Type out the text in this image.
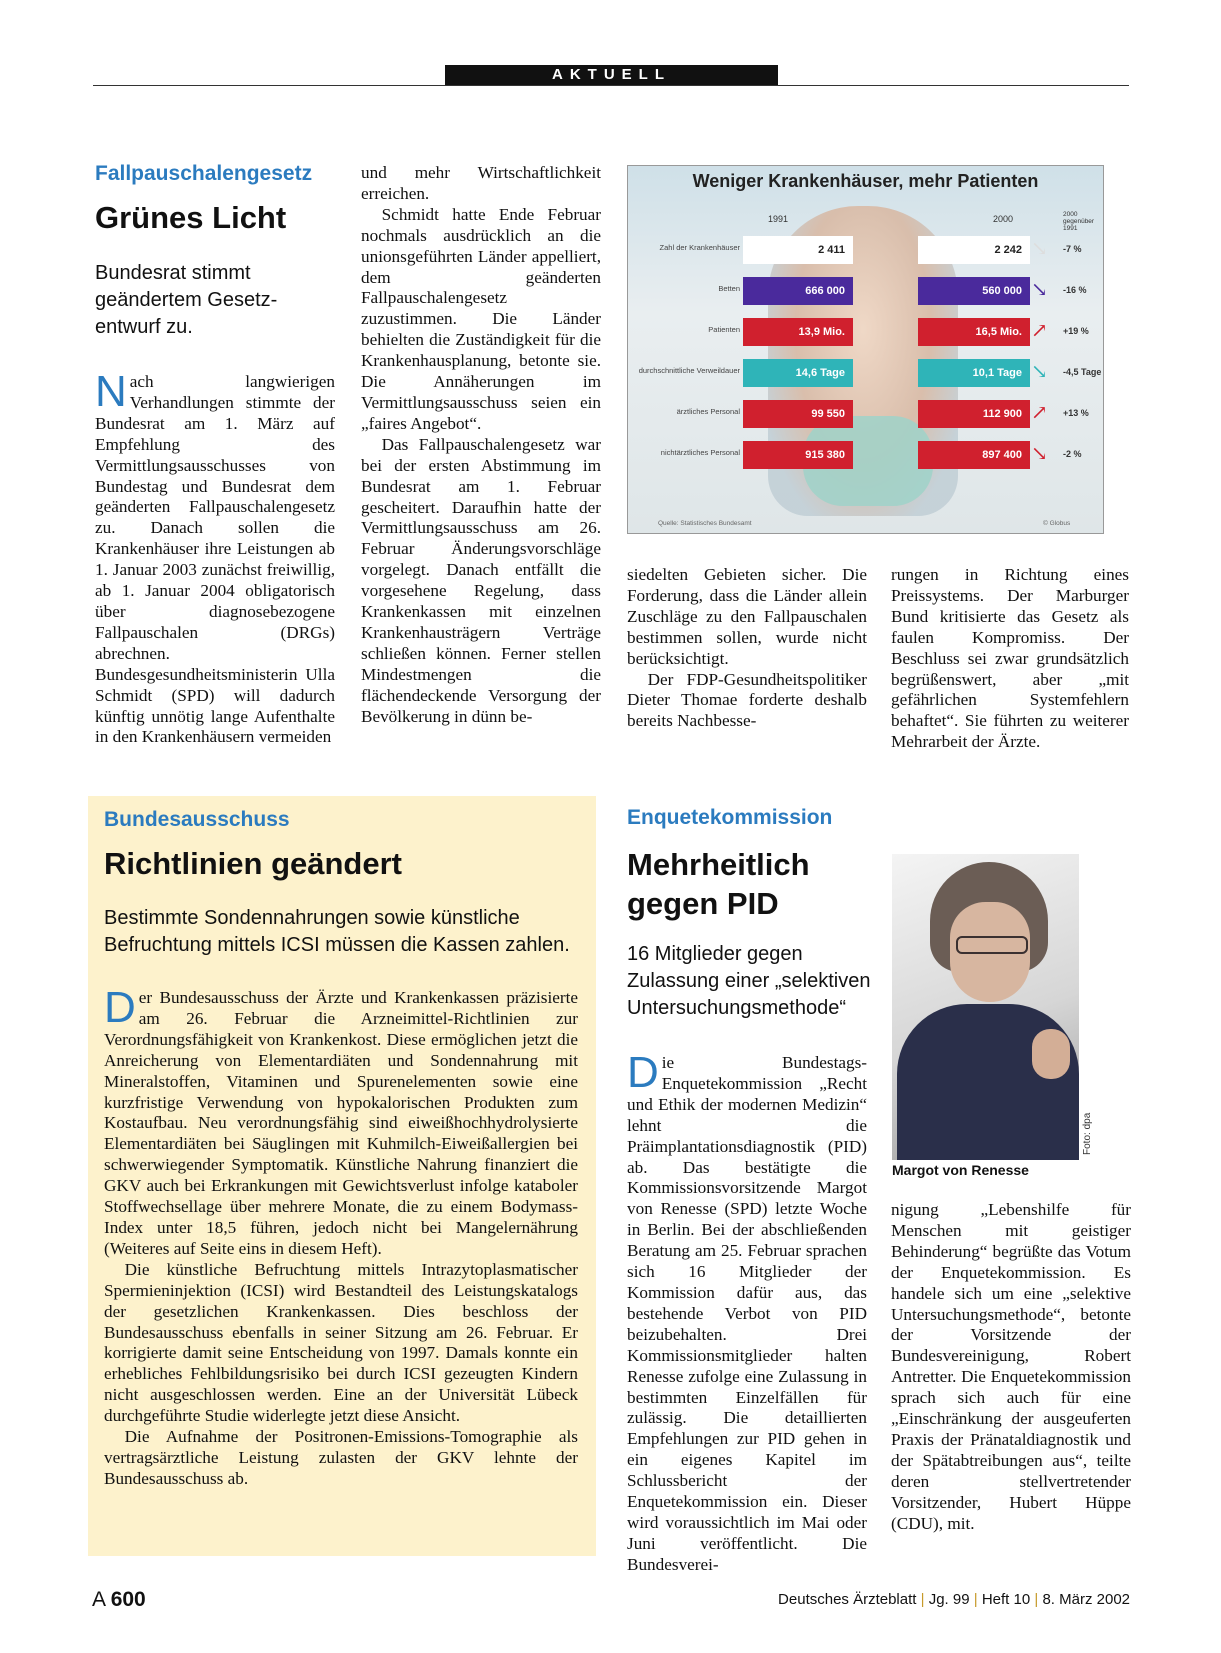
AKTUELL
Fallpauschalengesetz
Grünes Licht
Bundesrat stimmt geändertem Gesetz-entwurf zu.

Nach langwierigen Verhandlungen stimmte der Bundesrat am 1. März auf Empfehlung des Vermittlungsausschusses von Bundestag und Bundesrat dem geänderten Fallpauschalengesetz zu. Danach sollen die Krankenhäuser ihre Leistungen ab 1. Januar 2003 zunächst freiwillig, ab 1. Januar 2004 obligatorisch über diagnosebezogene Fallpauschalen (DRGs) abrechnen. Bundesgesundheitsministerin Ulla Schmidt (SPD) will dadurch künftig unnötig lange Aufenthalte in den Krankenhäusern vermeiden

und mehr Wirtschaftlichkeit erreichen.

Schmidt hatte Ende Februar nochmals ausdrücklich an die unionsgeführten Länder appelliert, dem geänderten Fallpauschalengesetz zuzustimmen. Die Länder behielten die Zuständigkeit für die Krankenhausplanung, betonte sie. Die Annäherungen im Vermittlungsausschuss seien ein „faires Angebot“.

Das Fallpauschalengesetz war bei der ersten Abstimmung im Bundesrat am 1. Februar gescheitert. Daraufhin hatte der Vermittlungsausschuss am 26. Februar Änderungsvorschläge vorgelegt. Danach entfällt die vorgesehene Regelung, dass Krankenkassen mit einzelnen Krankenhausträgern Verträge schließen können. Ferner stellen Mindestmengen die flächendeckende Versorgung der Bevölkerung in dünn be-

siedelten Gebieten sicher. Die Forderung, dass die Länder allein Zuschläge zu den Fallpauschalen bestimmen sollen, wurde nicht berücksichtigt.

Der FDP-Gesundheitspolitiker Dieter Thomae forderte deshalb bereits Nachbesse-

rungen in Richtung eines Preissystems. Der Marburger Bund kritisierte das Gesetz als faulen Kompromiss. Der Beschluss sei zwar grundsätzlich begrüßenswert, aber „mit gefährlichen Systemfehlern behaftet“. Sie führten zu weiterer Mehrarbeit der Ärzte.

Weniger Krankenhäuser, mehr Patienten
1991	2000	2000 gegenüber 1991
Zahl der Krankenhäuser	2 411	2 242 ↘ -7 %
Betten	666 000	560 000 ↘ -16 %
Patienten	13,9 Mio.	16,5 Mio. ↗ +19 %
durchschnittliche Verweildauer	14,6 Tage	10,1 Tage ↘ -4,5 Tage
ärztliches Personal	99 550	112 900 ↗ +13 %
nichtärztliches Personal	915 380	897 400 ↘ -2 %
Quelle: Statistisches Bundesamt	© Globus
Bundesausschuss
Richtlinien geändert
Bestimmte Sondennahrungen sowie künstliche Befruchtung mittels ICSI müssen die Kassen zahlen.

Der Bundesausschuss der Ärzte und Krankenkassen präzisierte am 26. Februar die Arzneimittel-Richtlinien zur Verordnungsfähigkeit von Krankenkost. Diese ermöglichen jetzt die Anreicherung von Elementardiäten und Sondennahrung mit Mineralstoffen, Vitaminen und Spurenelementen sowie eine kurzfristige Verwendung von hypokalorischen Produkten zum Kostaufbau. Neu verordnungsfähig sind eiweißhochhydrolysierte Elementardiäten bei Säuglingen mit Kuhmilch-Eiweißallergien bei schwerwiegender Symptomatik. Künstliche Nahrung finanziert die GKV auch bei Erkrankungen mit Gewichtsverlust infolge kataboler Stoffwechsellage über mehrere Monate, die zu einem Bodymass-Index unter 18,5 führen, jedoch nicht bei Mangelernährung (Weiteres auf Seite eins in diesem Heft).

Die künstliche Befruchtung mittels Intrazytoplasmatischer Spermieninjektion (ICSI) wird Bestandteil des Leistungskatalogs der gesetzlichen Krankenkassen. Dies beschloss der Bundesausschuss ebenfalls in seiner Sitzung am 26. Februar. Er korrigierte damit seine Entscheidung von 1997. Damals konnte ein erhebliches Fehlbildungsrisiko bei durch ICSI gezeugten Kindern nicht ausgeschlossen werden. Eine an der Universität Lübeck durchgeführte Studie widerlegte jetzt diese Ansicht.

Die Aufnahme der Positronen-Emissions-Tomographie als vertragsärztliche Leistung zulasten der GKV lehnte der Bundesausschuss ab.

Enquetekommission
Mehrheitlich gegen PID
16 Mitglieder gegen Zulassung einer „selektiven Untersuchungsmethode“

Die Bundestags-Enquetekommission „Recht und Ethik der modernen Medizin“ lehnt die Präimplantationsdiagnostik (PID) ab. Das bestätigte die Kommissionsvorsitzende Margot von Renesse (SPD) letzte Woche in Berlin. Bei der abschließenden Beratung am 25. Februar sprachen sich 16 Mitglieder der Kommission dafür aus, das bestehende Verbot von PID beizubehalten. Drei Kommissionsmitglieder halten Renesse zufolge eine Zulassung in bestimmten Einzelfällen für zulässig. Die detaillierten Empfehlungen zur PID gehen in ein eigenes Kapitel im Schlussbericht der Enquetekommission ein. Dieser wird voraussichtlich im Mai oder Juni veröffentlicht. Die Bundesverei-

Foto: dpa
Margot von Renesse

nigung „Lebenshilfe für Menschen mit geistiger Behinderung“ begrüßte das Votum der Enquetekommission. Es handele sich um eine „selektive Untersuchungsmethode“, betonte der Vorsitzende der Bundesvereinigung, Robert Antretter. Die Enquetekommission sprach sich auch für eine „Einschränkung der ausgeuferten Praxis der Pränataldiagnostik und der Spätabtreibungen aus“, teilte deren stellvertretender Vorsitzender, Hubert Hüppe (CDU), mit.

A 600	Deutsches Ärzteblatt | Jg. 99 | Heft 10 | 8. März 2002
